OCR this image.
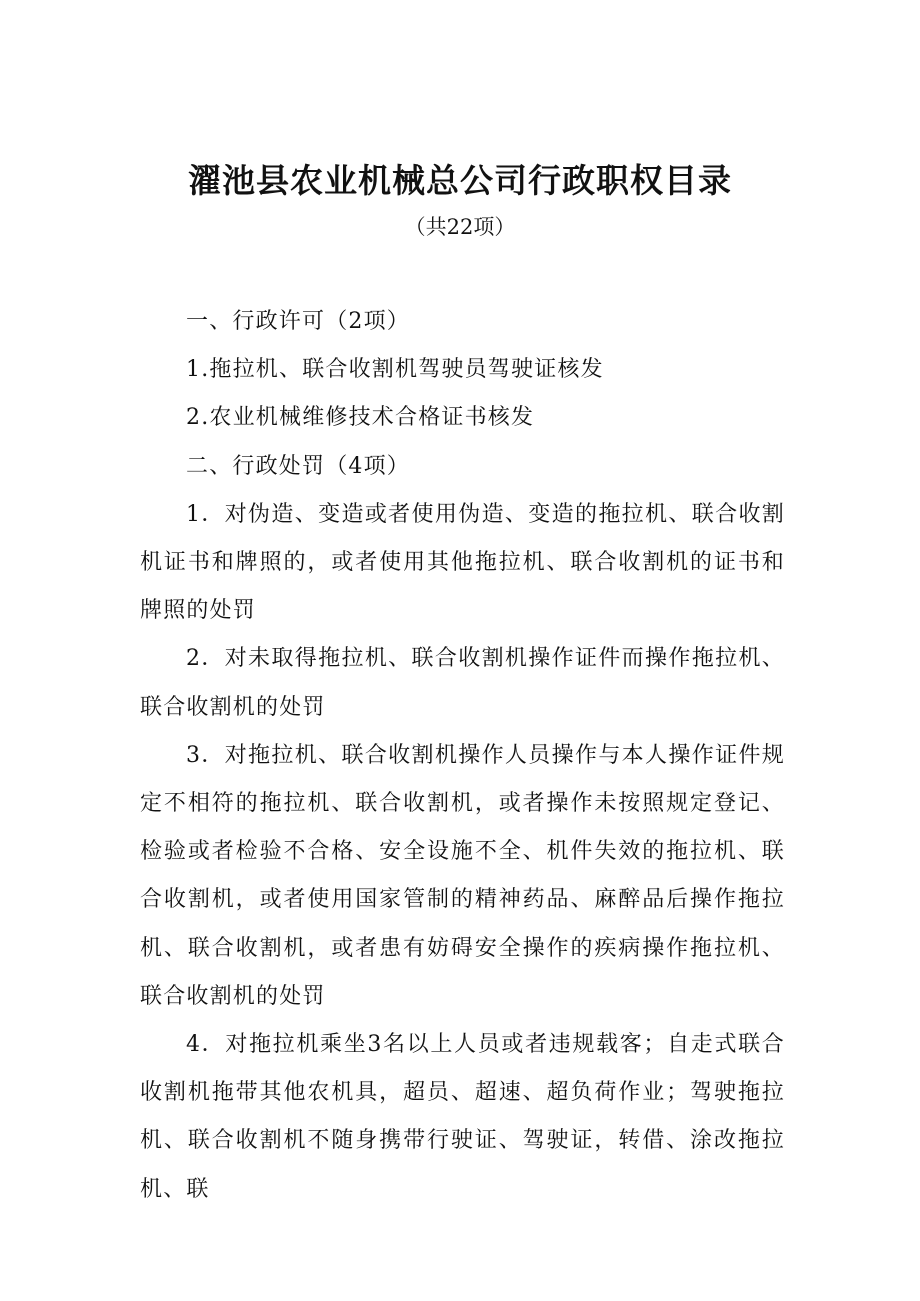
濯池县农业机械总公司行政职权目录
（共22项）

一、行政许可（2项）

1.拖拉机、联合收割机驾驶员驾驶证核发

2.农业机械维修技术合格证书核发

二、行政处罚（4项）

1．对伪造、变造或者使用伪造、变造的拖拉机、联合收割机证书和牌照的，或者使用其他拖拉机、联合收割机的证书和牌照的处罚

2．对未取得拖拉机、联合收割机操作证件而操作拖拉机、联合收割机的处罚

3．对拖拉机、联合收割机操作人员操作与本人操作证件规定不相符的拖拉机、联合收割机，或者操作未按照规定登记、检验或者检验不合格、安全设施不全、机件失效的拖拉机、联合收割机，或者使用国家管制的精神药品、麻醉品后操作拖拉机、联合收割机，或者患有妨碍安全操作的疾病操作拖拉机、联合收割机的处罚

4．对拖拉机乘坐3名以上人员或者违规载客；自走式联合收割机拖带其他农机具，超员、超速、超负荷作业；驾驶拖拉机、联合收割机不随身携带行驶证、驾驶证，转借、涂改拖拉机、联
